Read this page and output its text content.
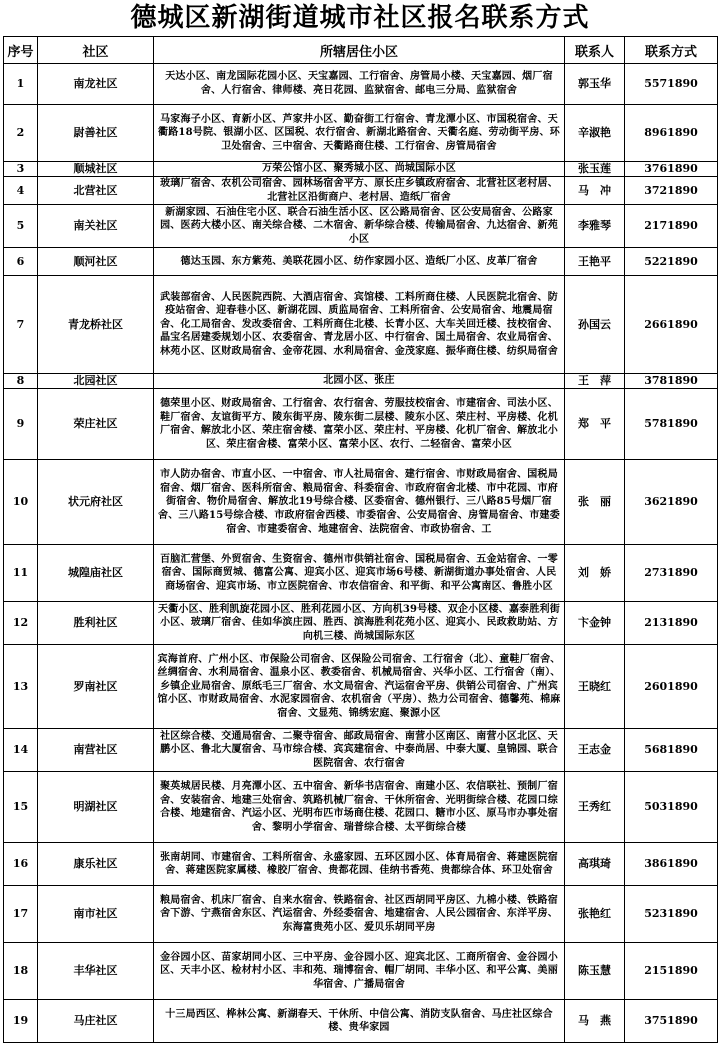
德城区新湖街道城市社区报名联系方式
序号	社区	所辖居住小区	联系人	联系方式
1	南龙社区	天达小区、南龙国际花园小区、天宝嘉园、工行宿舍、房管局小楼、天宝嘉园、烟厂宿舍、人行宿舍、律师楼、亮日花园、监狱宿舍、邮电三分局、监狱宿舍	郭玉华	5571890
2	尉善社区	马家海子小区、育新小区、芦家井小区、勤奋街工行宿舍、青龙潭小区、市国税宿舍、天衢路18号院、银湖小区、区国税、农行宿舍、新湖北路宿舍、天衢名庭、劳动街平房、环卫处宿舍、三中宿舍、天衢路商住楼、工行宿舍、房管局宿舍	辛淑艳	8961890
3	顺城社区	万荣公馆小区、聚秀城小区、尚城国际小区	张玉莲	3761890
4	北营社区	玻璃厂宿舍、农机公司宿舍、园林场宿舍平方、原长庄乡镇政府宿舍、北营社区老村居、北营社区沿街商户、老村居、造纸厂宿舍	马　冲	3721890
5	南关社区	新湖家园、石油住宅小区、联合石油生活小区、区公路局宿舍、区公安局宿舍、公路家园、医药大楼小区、南关综合楼、二木宿舍、新华综合楼、传输局宿舍、九达宿舍、新苑小区	李雅琴	2171890
6	顺河社区	德达玉园、东方紫苑、美联花园小区、纺作家园小区、造纸厂小区、皮革厂宿舍	王艳平	5221890
7	青龙桥社区	武装部宿舍、人民医院西院、大酒店宿舍、宾馆楼、工料所商住楼、人民医院北宿舍、防疫站宿舍、迎春巷小区、新湖花园、质监局宿舍、工料所宿舍、公安局宿舍、地震局宿舍、化工局宿舍、发改委宿舍、工料所商住北楼、长青小区、大车关回迁楼、技校宿舍、晶宝名居建委规划小区、农委宿舍、青龙居小区、中行宿舍、国土局宿舍、农业局宿舍、林苑小区、区财政局宿舍、金帝花园、水利局宿舍、金茂家庭、振华商住楼、纺织局宿舍	孙国云	2661890
8	北园社区	北园小区、张庄	王　萍	3781890
9	荣庄社区	德荣里小区、财政局宿舍、工行宿舍、农行宿舍、劳服技校宿舍、市建宿舍、司法小区、鞋厂宿舍、友谊街平方、陵东街平房、陵东街二层楼、陵东小区、荣庄村、平房楼、化机厂宿舍、解放北小区、荣庄宿舍楼、富荣小区、荣庄村、平房楼、化机厂宿舍、解放北小区、荣庄宿舍楼、富荣小区、富荣小区、农行、二轻宿舍、富荣小区	郑　平	5781890
10	状元府社区	市人防办宿舍、市直小区、一中宿舍、市人社局宿舍、建行宿舍、市财政局宿舍、国税局宿舍、烟厂宿舍、医科所宿舍、粮局宿舍、科委宿舍、市政府宿舍北楼、市中花园、市府街宿舍、物价局宿舍、解放北19号综合楼、区委宿舍、德州银行、三八路85号烟厂宿舍、三八路15号综合楼、市政府宿舍西楼、市委宿舍、公安局宿舍、房管局宿舍、市建委宿舍、市建委宿舍、地建宿舍、法院宿舍、市政协宿舍、工	张　丽	3621890
11	城隍庙社区	百脑汇营堡、外贸宿舍、生资宿舍、德州市供销社宿舍、国税局宿舍、五金站宿舍、一零宿舍、国际商贸城、德富公寓、迎宾小区、迎宾市场6号楼、新湖街道办事处宿舍、人民商场宿舍、迎宾市场、市立医院宿舍、市农信宿舍、和平街、和平公寓南区、鲁胜小区	刘　娇	2731890
12	胜利社区	天衢小区、胜利凯旋花园小区、胜利花园小区、方向机39号楼、双企小区楼、嘉泰胜利街小区、玻璃厂宿舍、佳如华滨庄园、胜西、滨海胜利花苑小区、迎宾小、民政救助站、方向机三楼、尚城国际东区	卞金钟	2131890
13	罗南社区	宾海首府、广州小区、市保险公司宿舍、区保险公司宿舍、工行宿舍（北）、童鞋厂宿舍、丝绸宿舍、水利局宿舍、温泉小区、教委宿舍、机械局宿舍、兴华小区、工行宿舍（南）、乡镇企业局宿舍、原纸毛三厂宿舍、水文局宿舍、汽运宿舍平房、供销公司宿舍、广州宾馆小区、市财政局宿舍、水泥家园宿舍、农机宿舍（平房）、热力公司宿舍、德馨苑、棉麻宿舍、文显苑、锦绣宏庭、聚源小区	王晓红	2601890
14	南营社区	社区综合楼、交通局宿舍、二聚寺宿舍、邮政局宿舍、南营小区南区、南营小区北区、天鹏小区、鲁北大厦宿舍、马市综合楼、宾宾建宿舍、中泰尚居、中泰大厦、皇锦园、联合医院宿舍、农行宿舍	王志金	5681890
15	明湖社区	聚英城居民楼、月亮潭小区、五中宿舍、新华书店宿舍、南建小区、农信联社、预制厂宿舍、安装宿舍、地建三处宿舍、筑路机械厂宿舍、干休所宿舍、光明街综合楼、花园口综合楼、地建宿舍、汽运小区、光明布匹市场商住楼、花园口、糖市小区、原马市办事处宿舍、黎明小学宿舍、瑞普综合楼、太平街综合楼	王秀红	5031890
16	康乐社区	张南胡同、市建宿舍、工料所宿舍、永盛家园、五环区园小区、体育局宿舍、蒋建医院宿舍、蒋建医院家属楼、橡胶厂宿舍、贵都花园、佳纳书香苑、贵都综合体、环卫处宿舍	高琪琦	3861890
17	南市社区	粮局宿舍、机床厂宿舍、自来水宿舍、铁路宿舍、社区西胡同平房区、九棉小楼、铁路宿舍下游、宁燕宿舍东区、汽运宿舍、外经委宿舍、地建宿舍、人民公园宿舍、东洋平房、东海富贵苑小区、爱贝乐胡同平房	张艳红	5231890
18	丰华社区	金谷园小区、苗家胡同小区、三中平房、金谷园小区、迎宾北区、工商所宿舍、金谷园小区、天丰小区、检材村小区、丰和苑、瑞博宿舍、帽厂胡同、丰华小区、和平公寓、美丽华宿舍、广播局宿舍	陈玉慧	2151890
19	马庄社区	十三局西区、桦林公寓、新湖春天、干休所、中信公寓、消防支队宿舍、马庄社区综合楼、贵华家园	马　燕	3751890
